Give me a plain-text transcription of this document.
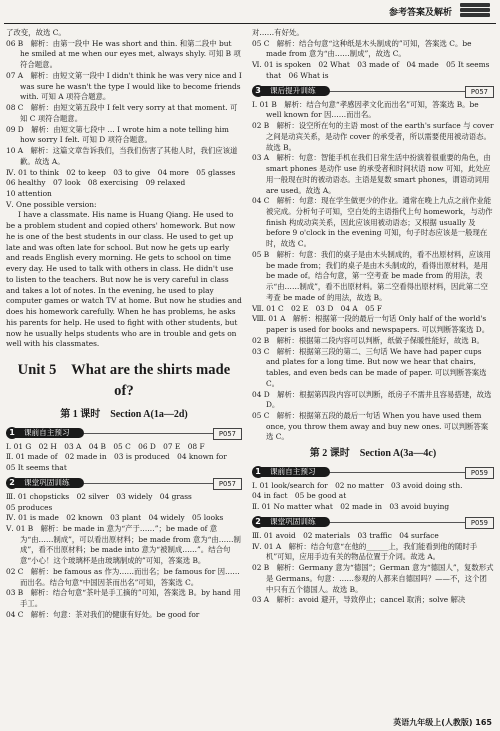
参考答案及解析

了改变，故选 C。

06 B　解析：由第一段中 He was short and thin. 和第二段中 but he smiled at me when our eyes met, always shyly. 可知 B 项符合题意。

07 A　解析：由短文第一段中 I didn't think he was very nice and I was sure he wasn't the type I would like to become friends with. 可知 A 项符合题意。

08 C　解析：由短文第五段中 I felt very sorry at that moment. 可知 C 项符合题意。

09 D　解析：由短文第七段中 … I wrote him a note telling him how sorry I felt. 可知 D 项符合题意。

10 A　解析：这篇文章告诉我们，当我们伤害了其他人时，我们应该道歉。故选 A。

Ⅳ. 01 to think　02 to keep　03 to give　04 more　05 glasses

06 healthy　07 look　08 exercising　09 relaxed

10 attention

Ⅴ. One possible version:

I have a classmate. His name is Huang Qiang. He used to be a problem student and copied others' homework. But now he is one of the best students in our class. He used to get up late and was often late for school. But now he gets up early and reads English every morning. He gets to school on time every day. He used to talk with others in class. He didn't use to listen to the teachers. But now he is very careful in class and takes a lot of notes. In the evening, he used to play computer games or watch TV at home. But now he studies and does his homework carefully. When he has problems, he asks his parents for help. He used to fight with other students, but now he usually helps students who are in trouble and gets on well with his classmates.

Unit 5　What are the shirts made of?
第 1 课时　Section A(1a—2d)
课前自主预习
1	P057

Ⅰ. 01 G　02 H　03 A　04 B　05 C　06 D　07 E　08 F

Ⅱ. 01 made of　02 made in　03 is produced　04 known for

05 It seems that

课堂巩固训练
2	P057

Ⅲ. 01 chopsticks　02 silver　03 widely　04 grass

05 produces

Ⅳ. 01 is made　02 known　03 plant　04 widely　05 looks

Ⅴ. 01 B　解析：be made in 意为“产于……”；be made of 意为“由……制成”，可以看出原材料；be made from 意为“由……制成”，看不出原材料；be made into 意为“被制成……”。结合句意“小心！这个玻璃杯是由玻璃制成的”可知，答案选 B。

02 C　解析：be famous as 作为……而出名；be famous for 因……而出名。结合句意“中国因茶而出名”可知，答案选 C。

03 B　解析：结合句意“茶叶是手工摘的”可知，答案选 B。by hand 用手工。

04 C　解析：句意：茶对我们的健康有好处。be good for

对……有好处。

05 C　解析：结合句意“这种纸是木头制成的”可知，答案选 C。be made from 意为“由……制成”，故选 C。

Ⅵ. 01 is spoken　02 What　03 made of　04 made　05 It seems that　06 What is

课后提升训练
3	P057

Ⅰ. 01 B　解析：结合句意“孝感因孝文化而出名”可知，答案选 B。be well known for 因……而出名。

02 B　解析：设空所在句的主语 most of the earth's surface 与 cover 之间是动宾关系，是动作 cover 的承受者，所以需要使用被动语态。故选 B。

03 A　解析：句意：智能手机在我们日常生活中扮演着很重要的角色，由 smart phones 是动作 use 的承受者和时间状语 now 可知，此处应用一般现在时的被动语态。主语是复数 smart phones，谓语动词用 are used。故选 A。

04 C　解析：句意：现在学生做更少的作业。通常在晚上九点之前作业能被完成。分析句子可知，空白处的主语指代上句 homework，与动作 finish 构成动宾关系，因此应该用被动语态；又根据 usually 及 before 9 o'clock in the evening 可知，句子时态应该是一般现在时，故选 C。

05 B　解析：句意：我们的桌子是由木头制成的，看不出原材料，应该用 be made from；我们的桌子是由木头制成的，看得出原材料，是用 be made of。结合句意，第一空考查 be made from 的用法，表示“由……制成”，看不出原材料。第二空看得出原材料，因此第二空考查 be made of 的用法，故选 B。

Ⅶ. 01 C　02 E　03 D　04 A　05 F

Ⅷ. 01 A　解析：根据第一段的最后一句话 Only half of the world's paper is used for books and newspapers. 可以判断答案选 D。

02 B　解析：根据第二段内容可以判断，纸做子保暖性能好，故选 B。

03 C　解析：根据第三段的第二、三句话 We have had paper cups and plates for a long time. But now we hear that chairs, tables, and even beds can be made of paper. 可以判断答案选 C。

04 D　解析：根据第四段内容可以判断，纸房子不需井且容易搭建，故选 D。

05 C　解析：根据第五段的最后一句话 When you have used them once, you throw them away and buy new ones. 可以判断答案选 C。

第 2 课时　Section A(3a—4c)
课前自主预习
1	P059

Ⅰ. 01 look/search for　02 no matter　03 avoid doing sth.

04 in fact　05 be good at

Ⅱ. 01 No matter what　02 made in　03 avoid buying

课堂巩固训练
2	P059

Ⅲ. 01 avoid　02 materials　03 traffic　04 surface

Ⅳ. 01 A　解析：结合句意“在他的______上，我们能看到他的随时手机”可知，应用手边有关的物品位置于介词。故选 A。

02 B　解析：Germany 意为“德国”；German 意为“德国人”，复数形式是 Germans。句意：……参观的人都来自德国吗？——不，这个团中只有五个德国人。故选 B。

03 A　解析：avoid 避开，导致停止；cancel 取消；solve 解决

英语九年级上(人教版) 165
